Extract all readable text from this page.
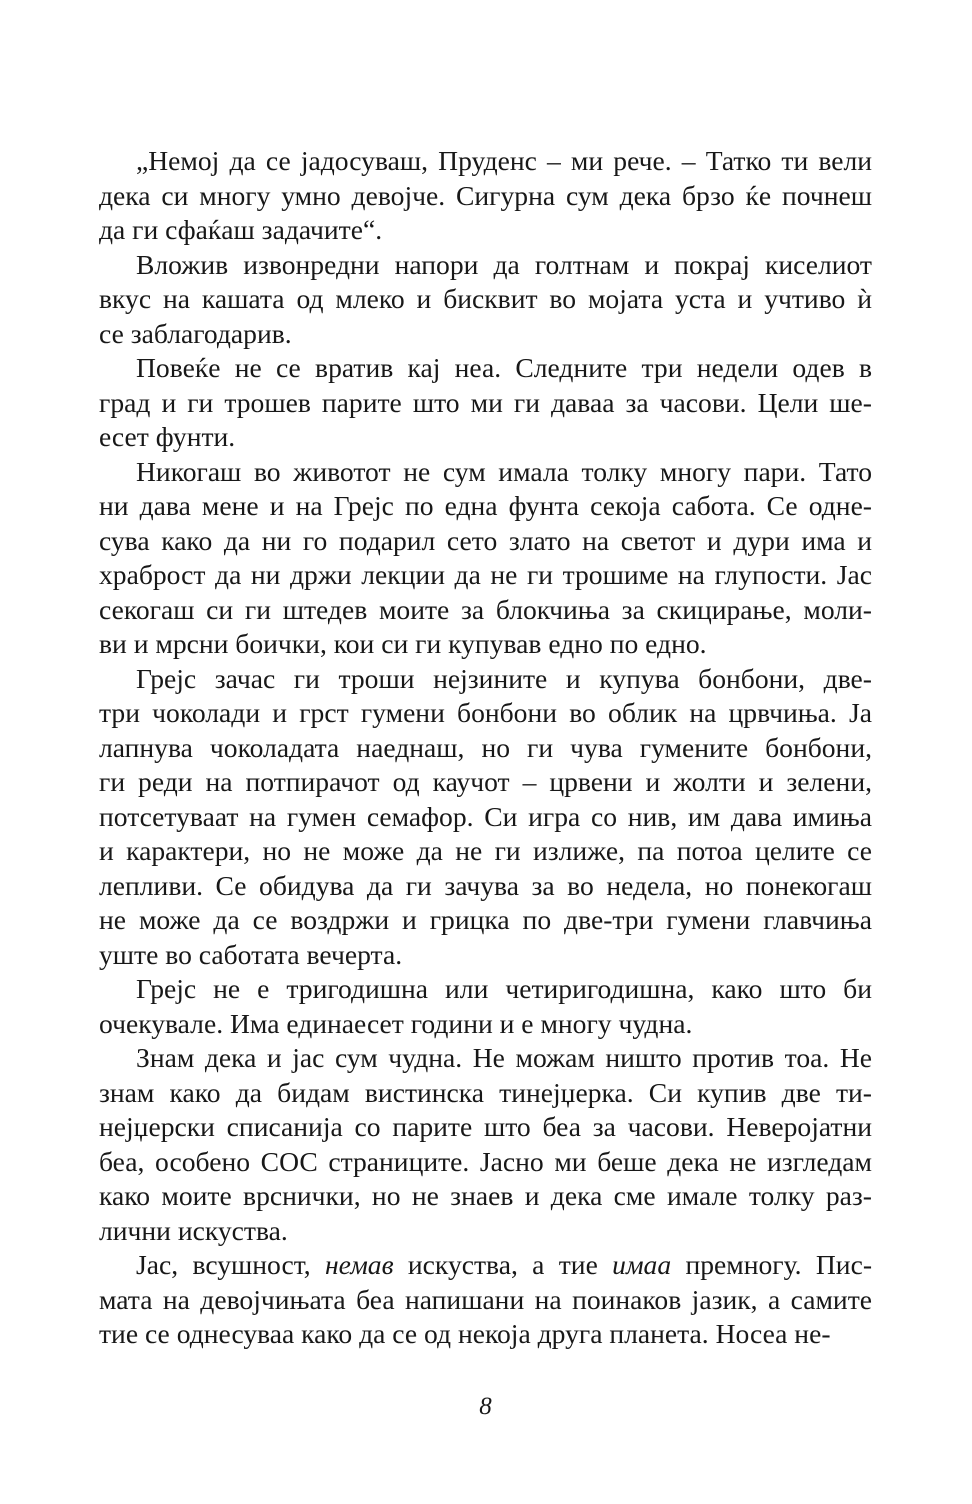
„Немој да се јадосуваш, Пруденс – ми рече. – Татко ти вели
дека си многу умно девојче. Сигурна сум дека брзо ќе почнеш
да ги сфаќаш задачите“.
Вложив извонредни напори да голтнам и покрај киселиот
вкус на кашата од млеко и бисквит во мојата уста и учтиво ѝ
се заблагодарив.
Повеќе не се вратив кај неа. Следните три недели одев в
град и ги трошев парите што ми ги даваа за часови. Цели ше-
есет фунти.
Никогаш во животот не сум имала толку многу пари. Тато
ни дава мене и на Грејс по една фунта секоја сабота. Се одне-
сува како да ни го подарил сето злато на светот и дури има и
храброст да ни држи лекции да не ги трошиме на глупости. Јас
секогаш си ги штедев моите за блокчиња за скицирање, моли-
ви и мрсни боички, кои си ги купував едно по едно.
Грејс зачас ги троши нејзините и купува бонбони, две-
три чоколади и грст гумени бонбони во облик на црвчиња. Ја
лапнува чоколадата наеднаш, но ги чува гумените бонбони,
ги реди на потпирачот од каучот – црвени и жолти и зелени,
потсетуваат на гумен семафор. Си игра со нив, им дава имиња
и карактери, но не може да не ги излиже, па потоа целите се
лепливи. Се обидува да ги зачува за во недела, но понекогаш
не може да се воздржи и грицка по две-три гумени главчиња
уште во саботата вечерта.
Грејс не е тригодишна или четиригодишна, како што би
очекувале. Има единаесет години и е многу чудна.
Знам дека и јас сум чудна. Не можам ништо против тоа. Не
знам како да бидам вистинска тинејџерка. Си купив две ти-
нејџерски списанија со парите што беа за часови. Неверојатни
беа, особено СОС страниците. Јасно ми беше дека не изгледам
како моите врснички, но не знаев и дека сме имале толку раз-
лични искуства.
Јас, всушност, немав искуства, а тие имаа премногу. Пис-
мата на девојчињата беа напишани на поинаков јазик, а самите
тие се однесуваа како да се од некоја друга планета. Носеа не-
8
